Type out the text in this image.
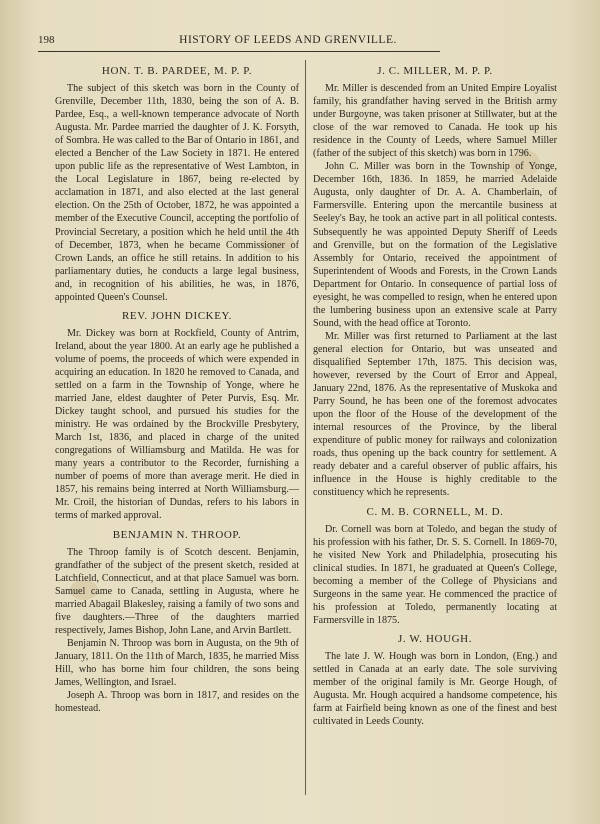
198	HISTORY OF LEEDS AND GRENVILLE.
HON. T. B. PARDEE, M. P. P.

The subject of this sketch was born in the County of Grenville, December 11th, 1830, being the son of A. B. Pardee, Esq., a well-known temperance advocate of North Augusta. Mr. Pardee married the daughter of J. K. Forsyth, of Sombra. He was called to the Bar of Ontario in 1861, and elected a Bencher of the Law Society in 1871. He entered upon public life as the representative of West Lambton, in the Local Legislature in 1867, being re-elected by acclamation in 1871, and also elected at the last general election. On the 25th of October, 1872, he was appointed a member of the Executive Council, accepting the portfolio of Provincial Secretary, a position which he held until the 4th of December, 1873, when he became Commissioner of Crown Lands, an office he still retains. In addition to his parliamentary duties, he conducts a large legal business, and, in recognition of his abilities, he was, in 1876, appointed Queen's Counsel.

REV. JOHN DICKEY.

Mr. Dickey was born at Rockfield, County of Antrim, Ireland, about the year 1800. At an early age he published a volume of poems, the proceeds of which were expended in acquiring an education. In 1820 he removed to Canada, and settled on a farm in the Township of Yonge, where he married Jane, eldest daughter of Peter Purvis, Esq. Mr. Dickey taught school, and pursued his studies for the ministry. He was ordained by the Brockville Presbytery, March 1st, 1836, and placed in charge of the united congregations of Williamsburg and Matilda. He was for many years a contributor to the Recorder, furnishing a number of poems of more than average merit. He died in 1857, his remains being interred at North Williamsburg.—Mr. Croil, the historian of Dundas, refers to his labors in terms of marked approval.

BENJAMIN N. THROOP.

The Throop family is of Scotch descent. Benjamin, grandfather of the subject of the present sketch, resided at Latchfield, Connecticut, and at that place Samuel was born. Samuel came to Canada, settling in Augusta, where he married Abagail Blakesley, raising a family of two sons and five daughters.—Three of the daughters married respectively, James Bishop, John Lane, and Arvin Bartlett.

Benjamin N. Throop was born in Augusta, on the 9th of January, 1811. On the 11th of March, 1835, he married Miss Hill, who has borne him four children, the sons being James, Wellington, and Israel.

Joseph A. Throop was born in 1817, and resides on the homestead.

J. C. MILLER, M. P. P.

Mr. Miller is descended from an United Empire Loyalist family, his grandfather having served in the British army under Burgoyne, was taken prisoner at Stillwater, but at the close of the war removed to Canada. He took up his residence in the County of Leeds, where Samuel Miller (father of the subject of this sketch) was born in 1796.

John C. Miller was born in the Township of Yonge, December 16th, 1836. In 1859, he married Adelaide Augusta, only daughter of Dr. A. A. Chamberlain, of Farmersville. Entering upon the mercantile business at Seeley's Bay, he took an active part in all political contests. Subsequently he was appointed Deputy Sheriff of Leeds and Grenville, but on the formation of the Legislative Assembly for Ontario, received the appointment of Superintendent of Woods and Forests, in the Crown Lands Department for Ontario. In consequence of partial loss of eyesight, he was compelled to resign, when he entered upon the lumbering business upon an extensive scale at Parry Sound, with the head office at Toronto.

Mr. Miller was first returned to Parliament at the last general election for Ontario, but was unseated and disqualified September 17th, 1875. This decision was, however, reversed by the Court of Error and Appeal, January 22nd, 1876. As the representative of Muskoka and Parry Sound, he has been one of the foremost advocates upon the floor of the House of the development of the internal resources of the Province, by the liberal expenditure of public money for railways and colonization roads, thus opening up the back country for settlement. A ready debater and a careful observer of public affairs, his influence in the House is highly creditable to the constituency which he represents.

C. M. B. CORNELL, M. D.

Dr. Cornell was born at Toledo, and began the study of his profession with his father, Dr. S. S. Cornell. In 1869-70, he visited New York and Philadelphia, prosecuting his clinical studies. In 1871, he graduated at Queen's College, becoming a member of the College of Physicians and Surgeons in the same year. He commenced the practice of his profession at Toledo, permanently locating at Farmersville in 1875.

J. W. HOUGH.

The late J. W. Hough was born in London, (Eng.) and settled in Canada at an early date. The sole surviving member of the original family is Mr. George Hough, of Augusta. Mr. Hough acquired a handsome competence, his farm at Fairfield being known as one of the finest and best cultivated in Leeds County.
